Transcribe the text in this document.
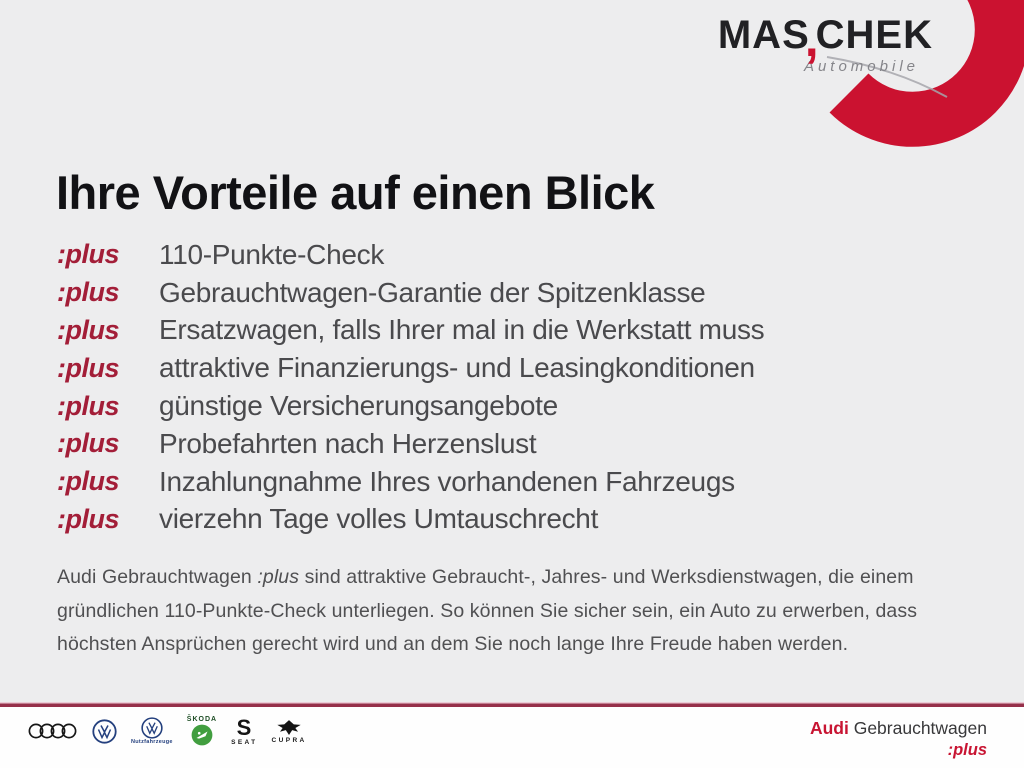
MAS,CHEK
Automobile
Ihre Vorteile auf einen Blick
:plus	110-Punkte-Check
:plus	Gebrauchtwagen-Garantie der Spitzenklasse
:plus	Ersatzwagen, falls Ihrer mal in die Werkstatt muss
:plus	attraktive Finanzierungs- und Leasingkonditionen
:plus	günstige Versicherungsangebote
:plus	Probefahrten nach Herzenslust
:plus	Inzahlungnahme Ihres vorhandenen Fahrzeugs
:plus	vierzehn Tage volles Umtauschrecht

Audi Gebrauchtwagen :plus sind attraktive Gebraucht-, Jahres- und Werksdienstwagen, die einem gründlichen 110-Punkte-Check unterliegen. So können Sie sicher sein, ein Auto zu erwerben, dass höchsten Ansprüchen gerecht wird und an dem Sie noch lange Ihre Freude haben werden.

Nutzfahrzeuge
ŠKODA S
SEAT CUPRA
Audi Gebrauchtwagen
:plus
